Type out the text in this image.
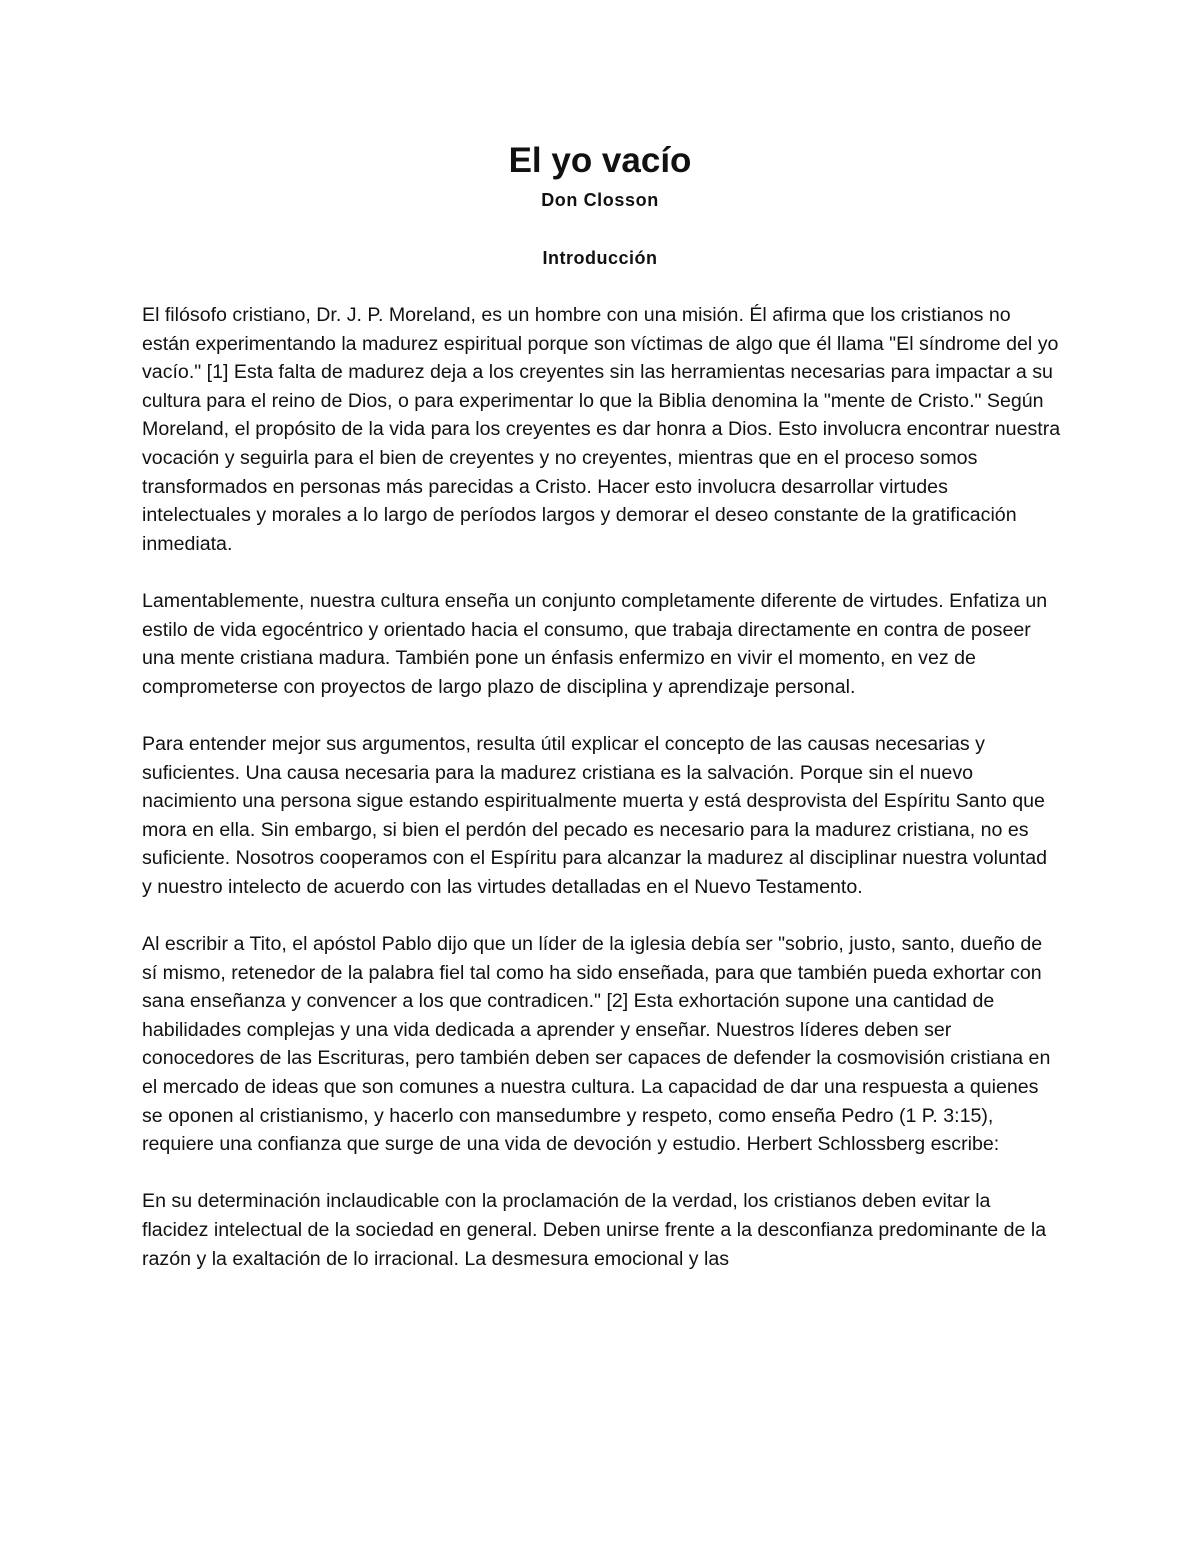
El yo vacío
Don Closson
Introducción

El filósofo cristiano, Dr. J. P. Moreland, es un hombre con una misión. Él afirma que los cristianos no están experimentando la madurez espiritual porque son víctimas de algo que él llama "El síndrome del yo vacío." [1] Esta falta de madurez deja a los creyentes sin las herramientas necesarias para impactar a su cultura para el reino de Dios, o para experimentar lo que la Biblia denomina la "mente de Cristo." Según Moreland, el propósito de la vida para los creyentes es dar honra a Dios. Esto involucra encontrar nuestra vocación y seguirla para el bien de creyentes y no creyentes, mientras que en el proceso somos transformados en personas más parecidas a Cristo. Hacer esto involucra desarrollar virtudes intelectuales y morales a lo largo de períodos largos y demorar el deseo constante de la gratificación inmediata.

Lamentablemente, nuestra cultura enseña un conjunto completamente diferente de virtudes. Enfatiza un estilo de vida egocéntrico y orientado hacia el consumo, que trabaja directamente en contra de poseer una mente cristiana madura. También pone un énfasis enfermizo en vivir el momento, en vez de comprometerse con proyectos de largo plazo de disciplina y aprendizaje personal.

Para entender mejor sus argumentos, resulta útil explicar el concepto de las causas necesarias y suficientes. Una causa necesaria para la madurez cristiana es la salvación. Porque sin el nuevo nacimiento una persona sigue estando espiritualmente muerta y está desprovista del Espíritu Santo que mora en ella. Sin embargo, si bien el perdón del pecado es necesario para la madurez cristiana, no es suficiente. Nosotros cooperamos con el Espíritu para alcanzar la madurez al disciplinar nuestra voluntad y nuestro intelecto de acuerdo con las virtudes detalladas en el Nuevo Testamento.

Al escribir a Tito, el apóstol Pablo dijo que un líder de la iglesia debía ser "sobrio, justo, santo, dueño de sí mismo, retenedor de la palabra fiel tal como ha sido enseñada, para que también pueda exhortar con sana enseñanza y convencer a los que contradicen." [2] Esta exhortación supone una cantidad de habilidades complejas y una vida dedicada a aprender y enseñar. Nuestros líderes deben ser conocedores de las Escrituras, pero también deben ser capaces de defender la cosmovisión cristiana en el mercado de ideas que son comunes a nuestra cultura. La capacidad de dar una respuesta a quienes se oponen al cristianismo, y hacerlo con mansedumbre y respeto, como enseña Pedro (1 P. 3:15), requiere una confianza que surge de una vida de devoción y estudio. Herbert Schlossberg escribe:

En su determinación inclaudicable con la proclamación de la verdad, los cristianos deben evitar la flacidez intelectual de la sociedad en general. Deben unirse frente a la desconfianza predominante de la razón y la exaltación de lo irracional. La desmesura emocional y las
